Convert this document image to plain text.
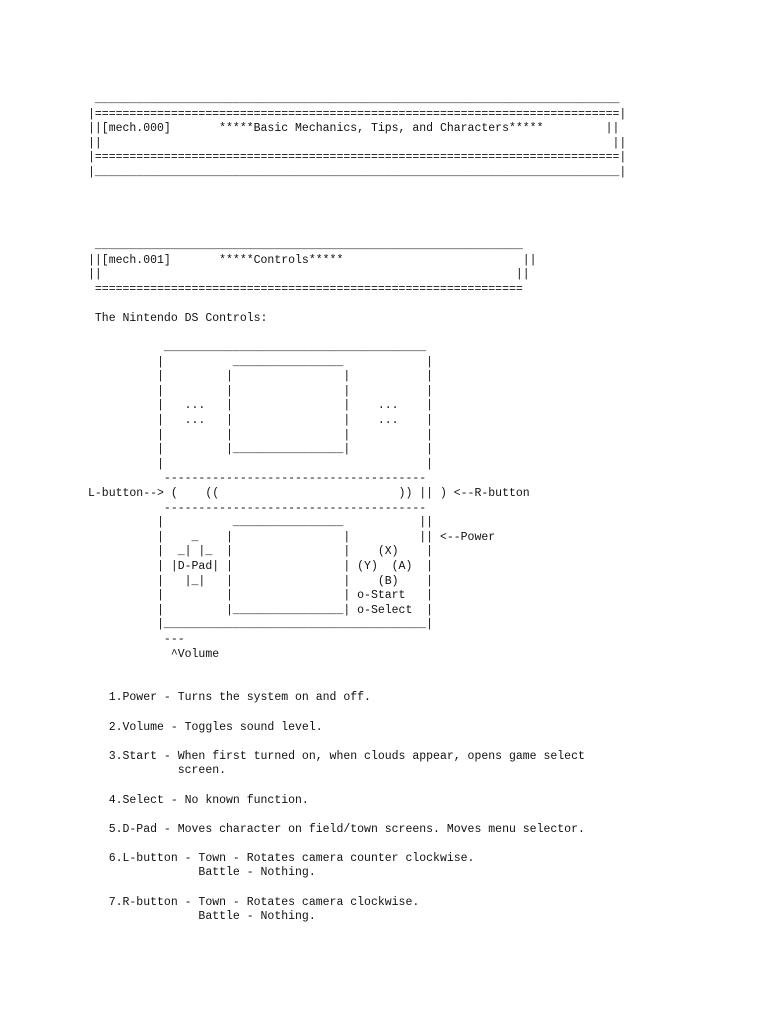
____________________________________________________________________________
|============================================================================|
||[mech.000]       *****Basic Mechanics, Tips, and Characters*****         ||
||                                                                          ||
|============================================================================|
|____________________________________________________________________________|
______________________________________________________________
||[mech.001]       *****Controls*****                          ||
||                                                            ||
==============================================================
The Nintendo DS Controls:
______________________________________
|          ________________            |
|         |                |           |
|         |                |           |
|   ...   |                |    ...    |
|   ...   |                |    ...    |
|         |                |           |
|         |________________|           |
|                                      |
--------------------------------------
L-button--> (    ((                          )) || ) <--R-button
--------------------------------------
|          ________________           ||
|    _    |                |          || <--Power
|  _| |_  |                |    (X)    |
| |D-Pad| |                | (Y)  (A)  |
|   |_|   |                |    (B)    |
|         |                | o-Start   |
|         |________________| o-Select  |
|______________________________________|
---
^Volume
1.Power - Turns the system on and off.
2.Volume - Toggles sound level.
3.Start - When first turned on, when clouds appear, opens game select
screen.
4.Select - No known function.
5.D-Pad - Moves character on field/town screens. Moves menu selector.
6.L-button - Town - Rotates camera counter clockwise.
Battle - Nothing.
7.R-button - Town - Rotates camera clockwise.
Battle - Nothing.
